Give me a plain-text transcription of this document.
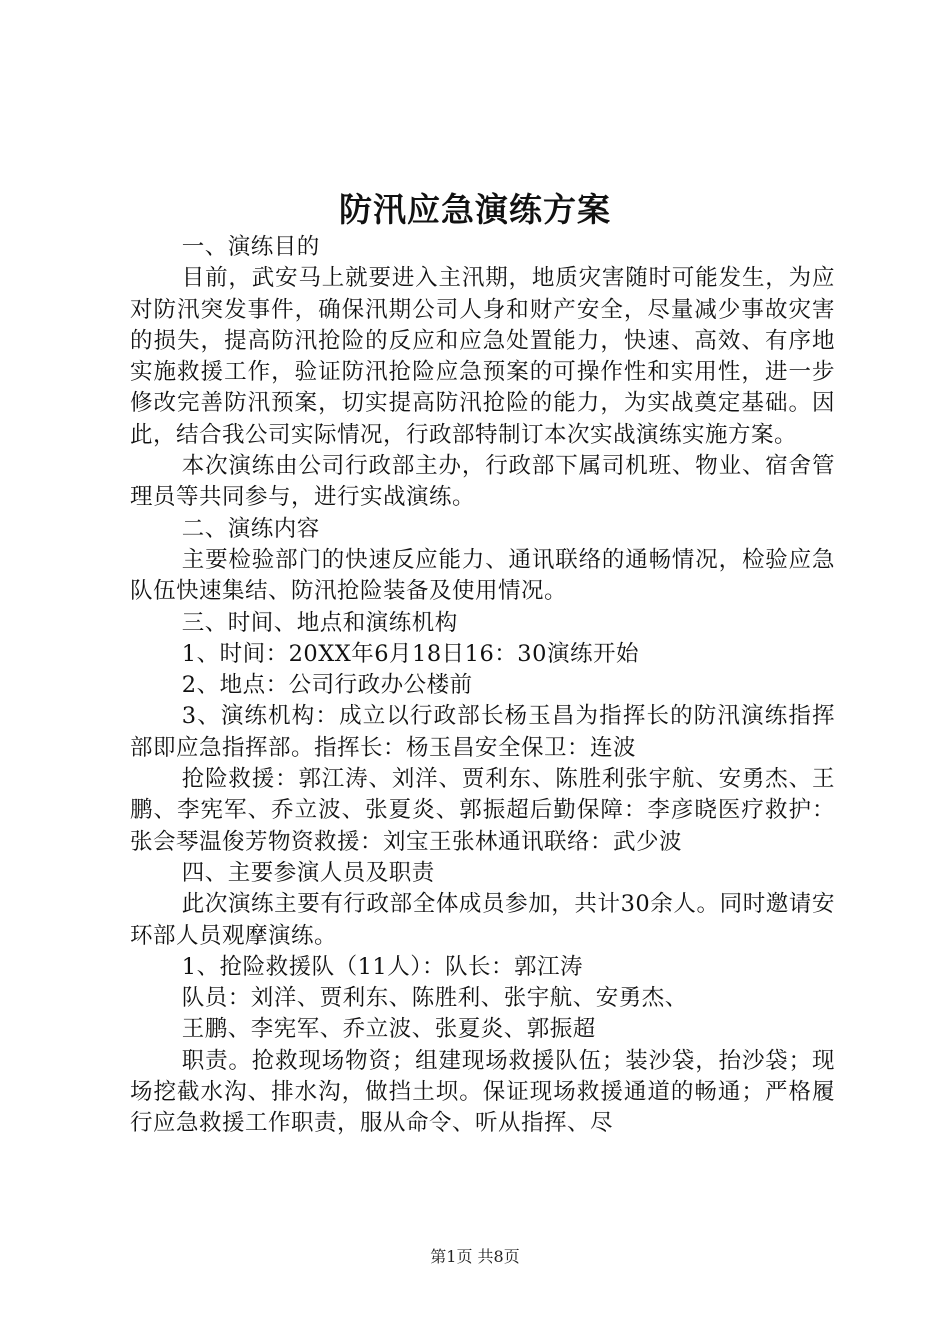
防汛应急演练方案

一、演练目的

目前，武安马上就要进入主汛期，地质灾害随时可能发生，为应对防汛突发事件，确保汛期公司人身和财产安全，尽量减少事故灾害的损失，提高防汛抢险的反应和应急处置能力，快速、高效、有序地实施救援工作，验证防汛抢险应急预案的可操作性和实用性，进一步修改完善防汛预案，切实提高防汛抢险的能力，为实战奠定基础。因此，结合我公司实际情况，行政部特制订本次实战演练实施方案。

本次演练由公司行政部主办，行政部下属司机班、物业、宿舍管理员等共同参与，进行实战演练。

二、演练内容

主要检验部门的快速反应能力、通讯联络的通畅情况，检验应急队伍快速集结、防汛抢险装备及使用情况。

三、时间、地点和演练机构

1、时间：20XX年6月18日16：30演练开始

2、地点：公司行政办公楼前

3、演练机构：成立以行政部长杨玉昌为指挥长的防汛演练指挥部即应急指挥部。指挥长：杨玉昌安全保卫：连波

抢险救援：郭江涛、刘洋、贾利东、陈胜利张宇航、安勇杰、王鹏、李宪军、乔立波、张夏炎、郭振超后勤保障：李彦晓医疗救护：张会琴温俊芳物资救援：刘宝王张林通讯联络：武少波

四、主要参演人员及职责

此次演练主要有行政部全体成员参加，共计30余人。同时邀请安环部人员观摩演练。

1、抢险救援队（11人）：队长：郭江涛

队员：刘洋、贾利东、陈胜利、张宇航、安勇杰、

王鹏、李宪军、乔立波、张夏炎、郭振超

职责。抢救现场物资；组建现场救援队伍；装沙袋，抬沙袋；现场挖截水沟、排水沟，做挡土坝。保证现场救援通道的畅通；严格履行应急救援工作职责，服从命令、听从指挥、尽

第1页 共8页
